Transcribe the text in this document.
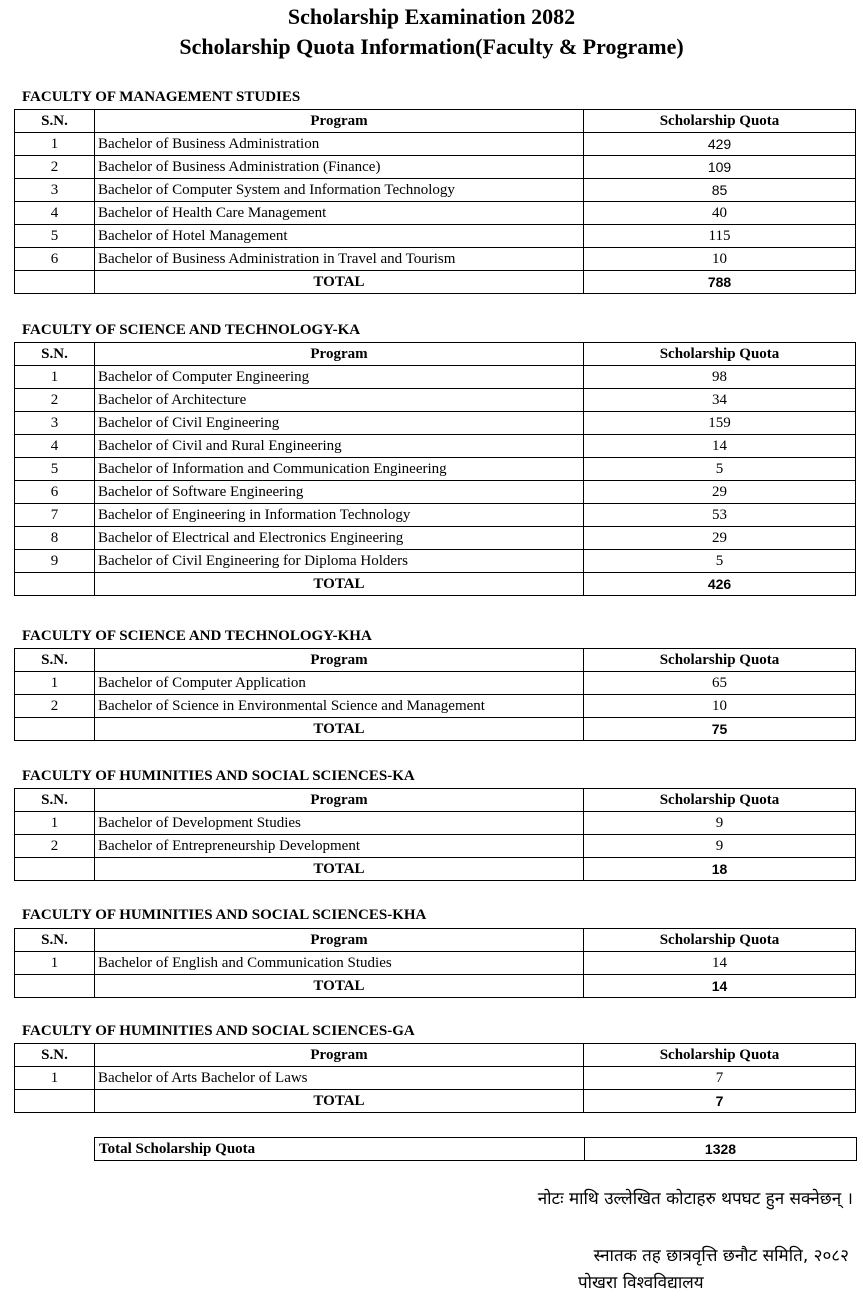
Scholarship Examination 2082
Scholarship Quota Information(Faculty & Programe)
FACULTY OF MANAGEMENT STUDIES
S.N.	Program	Scholarship Quota
1	Bachelor of Business Administration	429
2	Bachelor of Business Administration (Finance)	109
3	Bachelor of Computer System and Information Technology	85
4	Bachelor of Health Care Management	40
5	Bachelor of Hotel Management	115
6	Bachelor of Business Administration in Travel and Tourism	10
	TOTAL	788
FACULTY OF SCIENCE AND TECHNOLOGY-KA
S.N.	Program	Scholarship Quota
1	Bachelor of Computer Engineering	98
2	Bachelor of Architecture	34
3	Bachelor of Civil Engineering	159
4	Bachelor of Civil and Rural Engineering	14
5	Bachelor of Information and Communication Engineering	5
6	Bachelor of Software Engineering	29
7	Bachelor of Engineering in Information Technology	53
8	Bachelor of Electrical and Electronics Engineering	29
9	Bachelor of Civil Engineering for Diploma Holders	5
	TOTAL	426
FACULTY OF SCIENCE AND TECHNOLOGY-KHA
S.N.	Program	Scholarship Quota
1	Bachelor of Computer Application	65
2	Bachelor of Science in Environmental Science and Management	10
	TOTAL	75
FACULTY OF HUMINITIES AND SOCIAL SCIENCES-KA
S.N.	Program	Scholarship Quota
1	Bachelor of Development Studies	9
2	Bachelor of Entrepreneurship Development	9
	TOTAL	18
FACULTY OF HUMINITIES AND SOCIAL SCIENCES-KHA
S.N.	Program	Scholarship Quota
1	Bachelor of English and Communication Studies	14
	TOTAL	14
FACULTY OF HUMINITIES AND SOCIAL SCIENCES-GA
S.N.	Program	Scholarship Quota
1	Bachelor of Arts Bachelor of Laws	7
	TOTAL	7
Total Scholarship Quota	1328
नोटः माथि उल्लेखित कोटाहरु थपघट हुन सक्नेछन् ।
स्नातक तह छात्रवृत्ति छनौट समिति, २०८२
पोखरा विश्वविद्यालय
